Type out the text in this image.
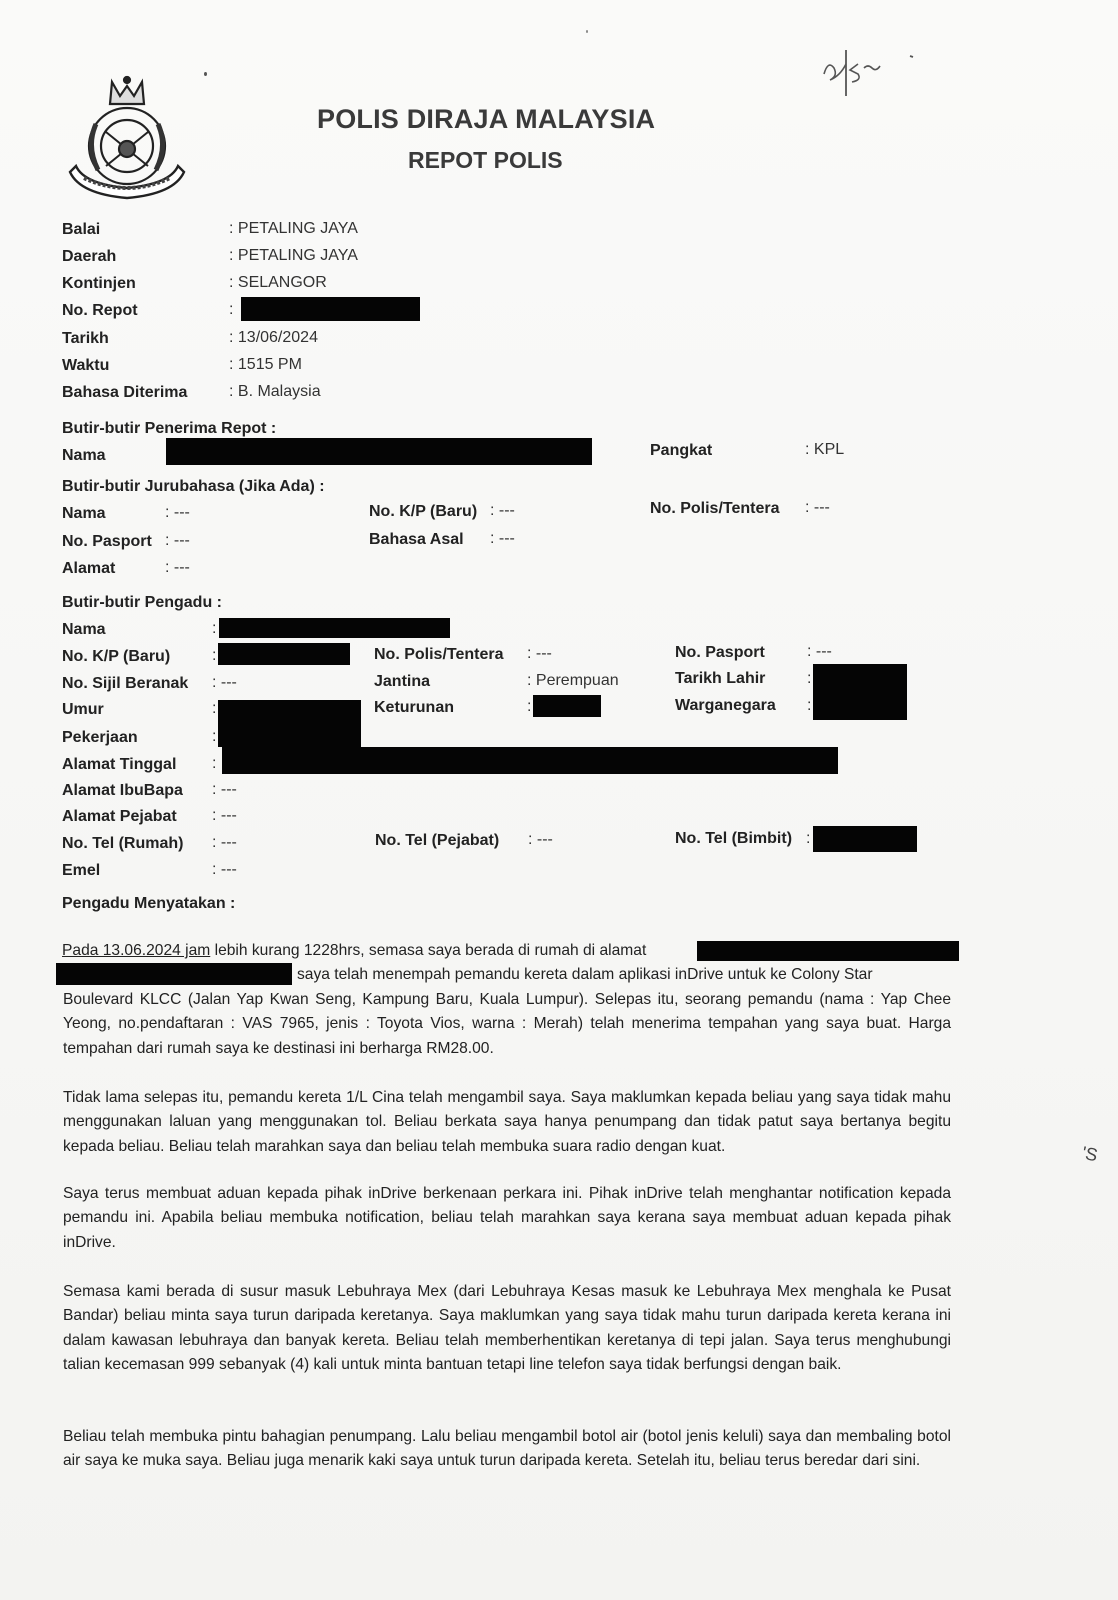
POLIS DIRAJA MALAYSIA
REPOT POLIS
Balai	: PETALING JAYA
Daerah	: PETALING JAYA
Kontinjen	: SELANGOR
No. Repot	:
Tarikh	: 13/06/2024
Waktu	: 1515 PM
Bahasa Diterima	: B. Malaysia
Butir-butir Penerima Repot :
Nama	Pangkat	: KPL
Butir-butir Jurubahasa (Jika Ada) :
Nama	: ---	No. K/P (Baru) : ---	No. Polis/Tentera : ---
No. Pasport : ---	Bahasa Asal : ---
Alamat	: ---
Butir-butir Pengadu :
Nama	:
No. K/P (Baru)	:	No. Polis/Tentera : ---	No. Pasport	: ---
No. Sijil Beranak : ---	Jantina	: Perempuan	Tarikh Lahir	:
Umur	:	Keturunan	:	Warganegara :
Pekerjaan	:
Alamat Tinggal :
Alamat IbuBapa : ---
Alamat Pejabat : ---
No. Tel (Rumah) : ---	No. Tel (Pejabat) : ---	No. Tel (Bimbit) :
Emel	: ---
Pengadu Menyatakan :
Pada 13.06.2024 jam lebih kurang 1228hrs, semasa saya berada di rumah di alamat
saya telah menempah pemandu kereta dalam aplikasi inDrive untuk ke Colony Star

Boulevard KLCC (Jalan Yap Kwan Seng, Kampung Baru, Kuala Lumpur). Selepas itu, seorang pemandu (nama : Yap Chee Yeong, no.pendaftaran : VAS 7965, jenis : Toyota Vios, warna : Merah) telah menerima tempahan yang saya buat. Harga tempahan dari rumah saya ke destinasi ini berharga RM28.00.

Tidak lama selepas itu, pemandu kereta 1/L Cina telah mengambil saya. Saya maklumkan kepada beliau yang saya tidak mahu menggunakan laluan yang menggunakan tol. Beliau berkata saya hanya penumpang dan tidak patut saya bertanya begitu kepada beliau. Beliau telah marahkan saya dan beliau telah membuka suara radio dengan kuat.

Saya terus membuat aduan kepada pihak inDrive berkenaan perkara ini. Pihak inDrive telah menghantar notification kepada pemandu ini. Apabila beliau membuka notification, beliau telah marahkan saya kerana saya membuat aduan kepada pihak inDrive.

Semasa kami berada di susur masuk Lebuhraya Mex (dari Lebuhraya Kesas masuk ke Lebuhraya Mex menghala ke Pusat Bandar) beliau minta saya turun daripada keretanya. Saya maklumkan yang saya tidak mahu turun daripada kereta kerana ini dalam kawasan lebuhraya dan banyak kereta. Beliau telah memberhentikan keretanya di tepi jalan. Saya terus menghubungi talian kecemasan 999 sebanyak (4) kali untuk minta bantuan tetapi line telefon saya tidak berfungsi dengan baik.

Beliau telah membuka pintu bahagian penumpang. Lalu beliau mengambil botol air (botol jenis keluli) saya dan membaling botol air saya ke muka saya. Beliau juga menarik kaki saya untuk turun daripada kereta. Setelah itu, beliau terus beredar dari sini.

'S
